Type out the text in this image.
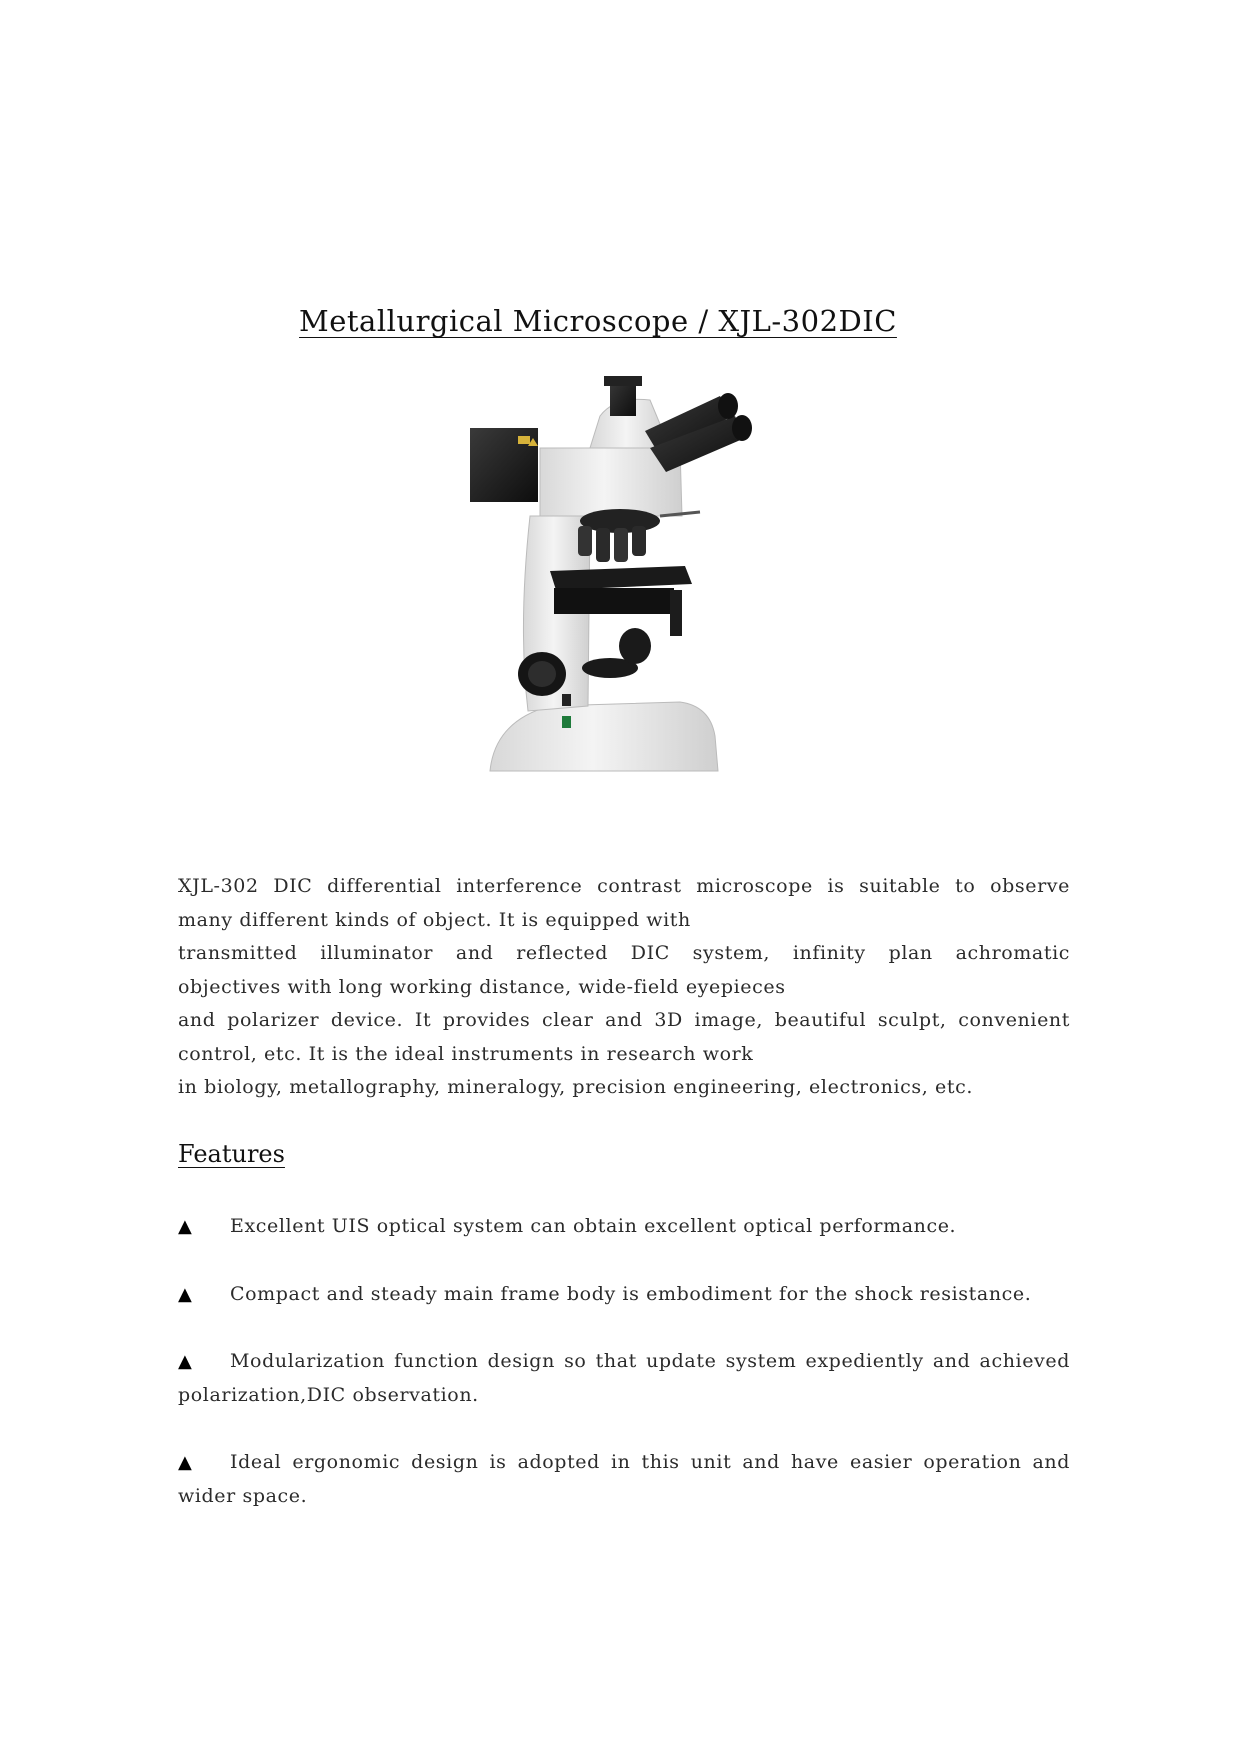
Metallurgical Microscope / XJL-302DIC
XJL-302 DIC differential interference contrast microscope is suitable to observe
many different kinds of object. It is equipped with
transmitted illuminator and reflected DIC system, infinity plan achromatic
objectives with long working distance, wide-field eyepieces
and polarizer device. It provides clear and 3D image, beautiful sculpt, convenient
control, etc. It is the ideal instruments in research work
in biology, metallography, mineralogy, precision engineering, electronics, etc.
Features
▲ Excellent UIS optical system can obtain excellent optical performance.
▲ Compact and steady main frame body is embodiment for the shock resistance.
▲ Modularization function design so that update system expediently and achieved
polarization,DIC observation.
▲ Ideal ergonomic design is adopted in this unit and have easier operation and
wider space.
